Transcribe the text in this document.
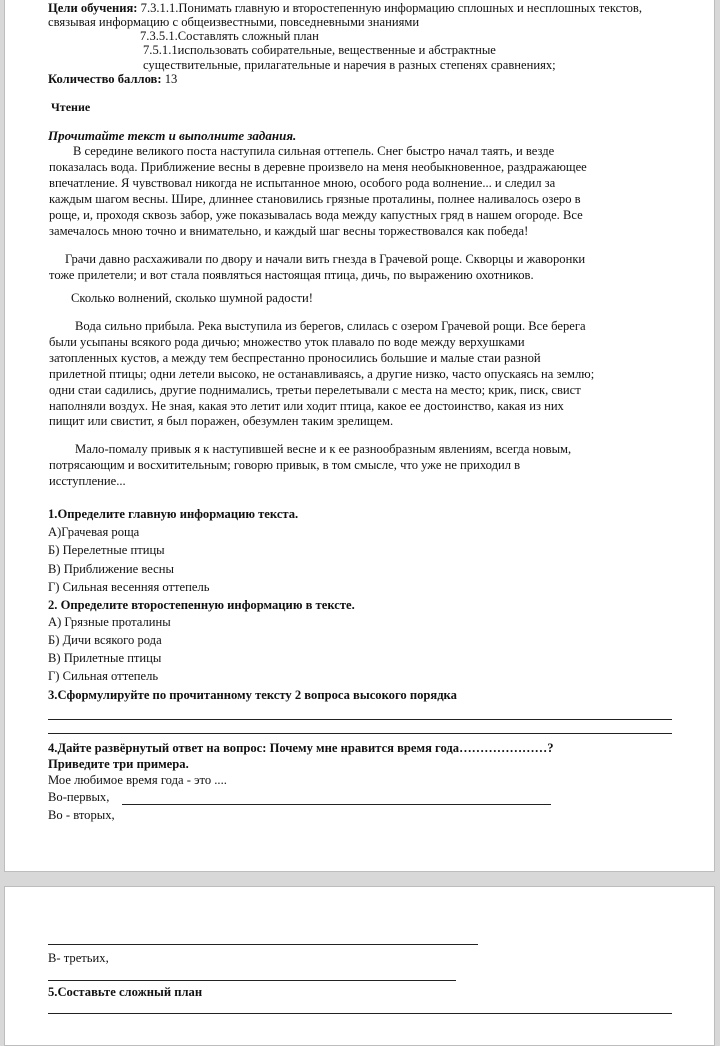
Цели обучения: 7.3.1.1.Понимать главную и второстепенную информацию сплошных и несплошных текстов,
связывая информацию с общеизвестными, повседневными знаниями
7.3.5.1.Составлять сложный план
7.5.1.1использовать собирательные, вещественные и абстрактные
существительные, прилагательные и наречия в разных степенях сравнениях;
Количество баллов: 13
Чтение
Прочитайте текст и выполните задания.
В середине великого поста наступила сильная оттепель. Снег быстро начал таять, и везде
показалась вода. Приближение весны в деревне произвело на меня необыкновенное, раздражающее
впечатление. Я чувствовал никогда не испытанное мною, особого рода волнение... и следил за
каждым шагом весны. Шире, длиннее становились грязные проталины, полнее наливалось озеро в
роще, и, проходя сквозь забор, уже показывалась вода между капустных гряд в нашем огороде. Все
замечалось мною точно и внимательно, и каждый шаг весны торжествовался как победа!
Грачи давно расхаживали по двору и начали вить гнезда в Грачевой роще. Скворцы и жаворонки
тоже прилетели; и вот стала появляться настоящая птица, дичь, по выражению охотников.
Сколько волнений, сколько шумной радости!
Вода сильно прибыла. Река выступила из берегов, слилась с озером Грачевой рощи. Все берега
были усыпаны всякого рода дичью; множество уток плавало по воде между верхушками
затопленных кустов, а между тем беспрестанно проносились большие и малые стаи разной
прилетной птицы; одни летели высоко, не останавливаясь, а другие низко, часто опускаясь на землю;
одни стаи садились, другие поднимались, третьи перелетывали с места на место; крик, писк, свист
наполняли воздух. Не зная, какая это летит или ходит птица, какое ее достоинство, какая из них
пищит или свистит, я был поражен, обезумлен таким зрелищем.
Мало-помалу привык я к наступившей весне и к ее разнообразным явлениям, всегда новым,
потрясающим и восхитительным; говорю привык, в том смысле, что уже не приходил в
исступление...
1.Определите главную информацию текста.
А)Грачевая роща
Б) Перелетные птицы
В) Приближение весны
Г) Сильная весенняя оттепель
2. Определите второстепенную информацию в тексте.
А) Грязные проталины
Б) Дичи всякого рода
В) Прилетные птицы
Г) Сильная оттепель
3.Сформулируйте по прочитанному тексту 2 вопроса высокого порядка
4.Дайте развёрнутый ответ на вопрос: Почему мне нравится время года…………………?
Приведите три примера.
Мое любимое время года - это ....
Во-первых,
Во - вторых,
В- третьих,
5.Составьте сложный план
